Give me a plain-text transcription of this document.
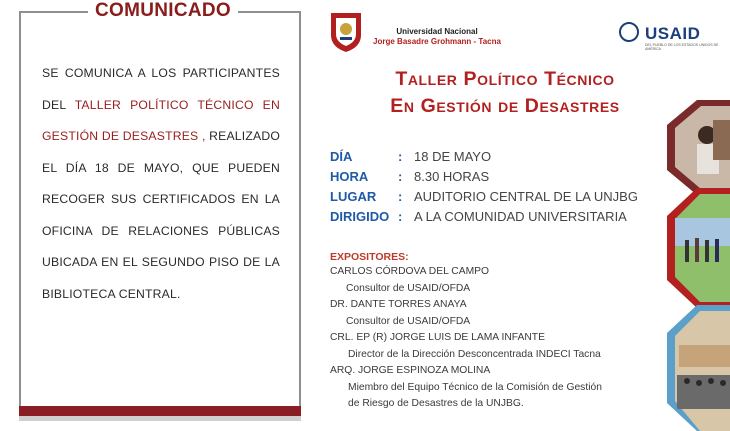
COMUNICADO
SE COMUNICA A LOS PARTICIPANTES DEL TALLER POLÍTICO TÉCNICO EN GESTIÓN DE DESASTRES , REALIZADO EL DÍA 18 DE MAYO, QUE PUEDEN RECOGER SUS CERTIFICADOS EN LA OFICINA DE RELACIONES PÚBLICAS UBICADA EN EL SEGUNDO PISO DE LA BIBLIOTECA CENTRAL.
Universidad Nacional
Jorge Basadre Grohmann - Tacna	USAID
DEL PUEBLO DE LOS ESTADOS UNIDOS DE AMÉRICA
Taller Político Técnico
En Gestión de Desastres
DÍA	: 18 DE MAYO
HORA : 8.30 HORAS
LUGAR : AUDITORIO CENTRAL DE LA UNJBG
DIRIGIDO : A LA COMUNIDAD UNIVERSITARIA
EXPOSITORES:
CARLOS CÓRDOVA DEL CAMPO
Consultor de USAID/OFDA
DR. DANTE TORRES ANAYA
Consultor de USAID/OFDA
CRL. EP (R) JORGE LUIS DE LAMA INFANTE
Director de la Dirección Desconcentrada INDECI Tacna
ARQ. JORGE ESPINOZA MOLINA
Miembro del Equipo Técnico de la Comisión de Gestión
de Riesgo de Desastres de la UNJBG.
